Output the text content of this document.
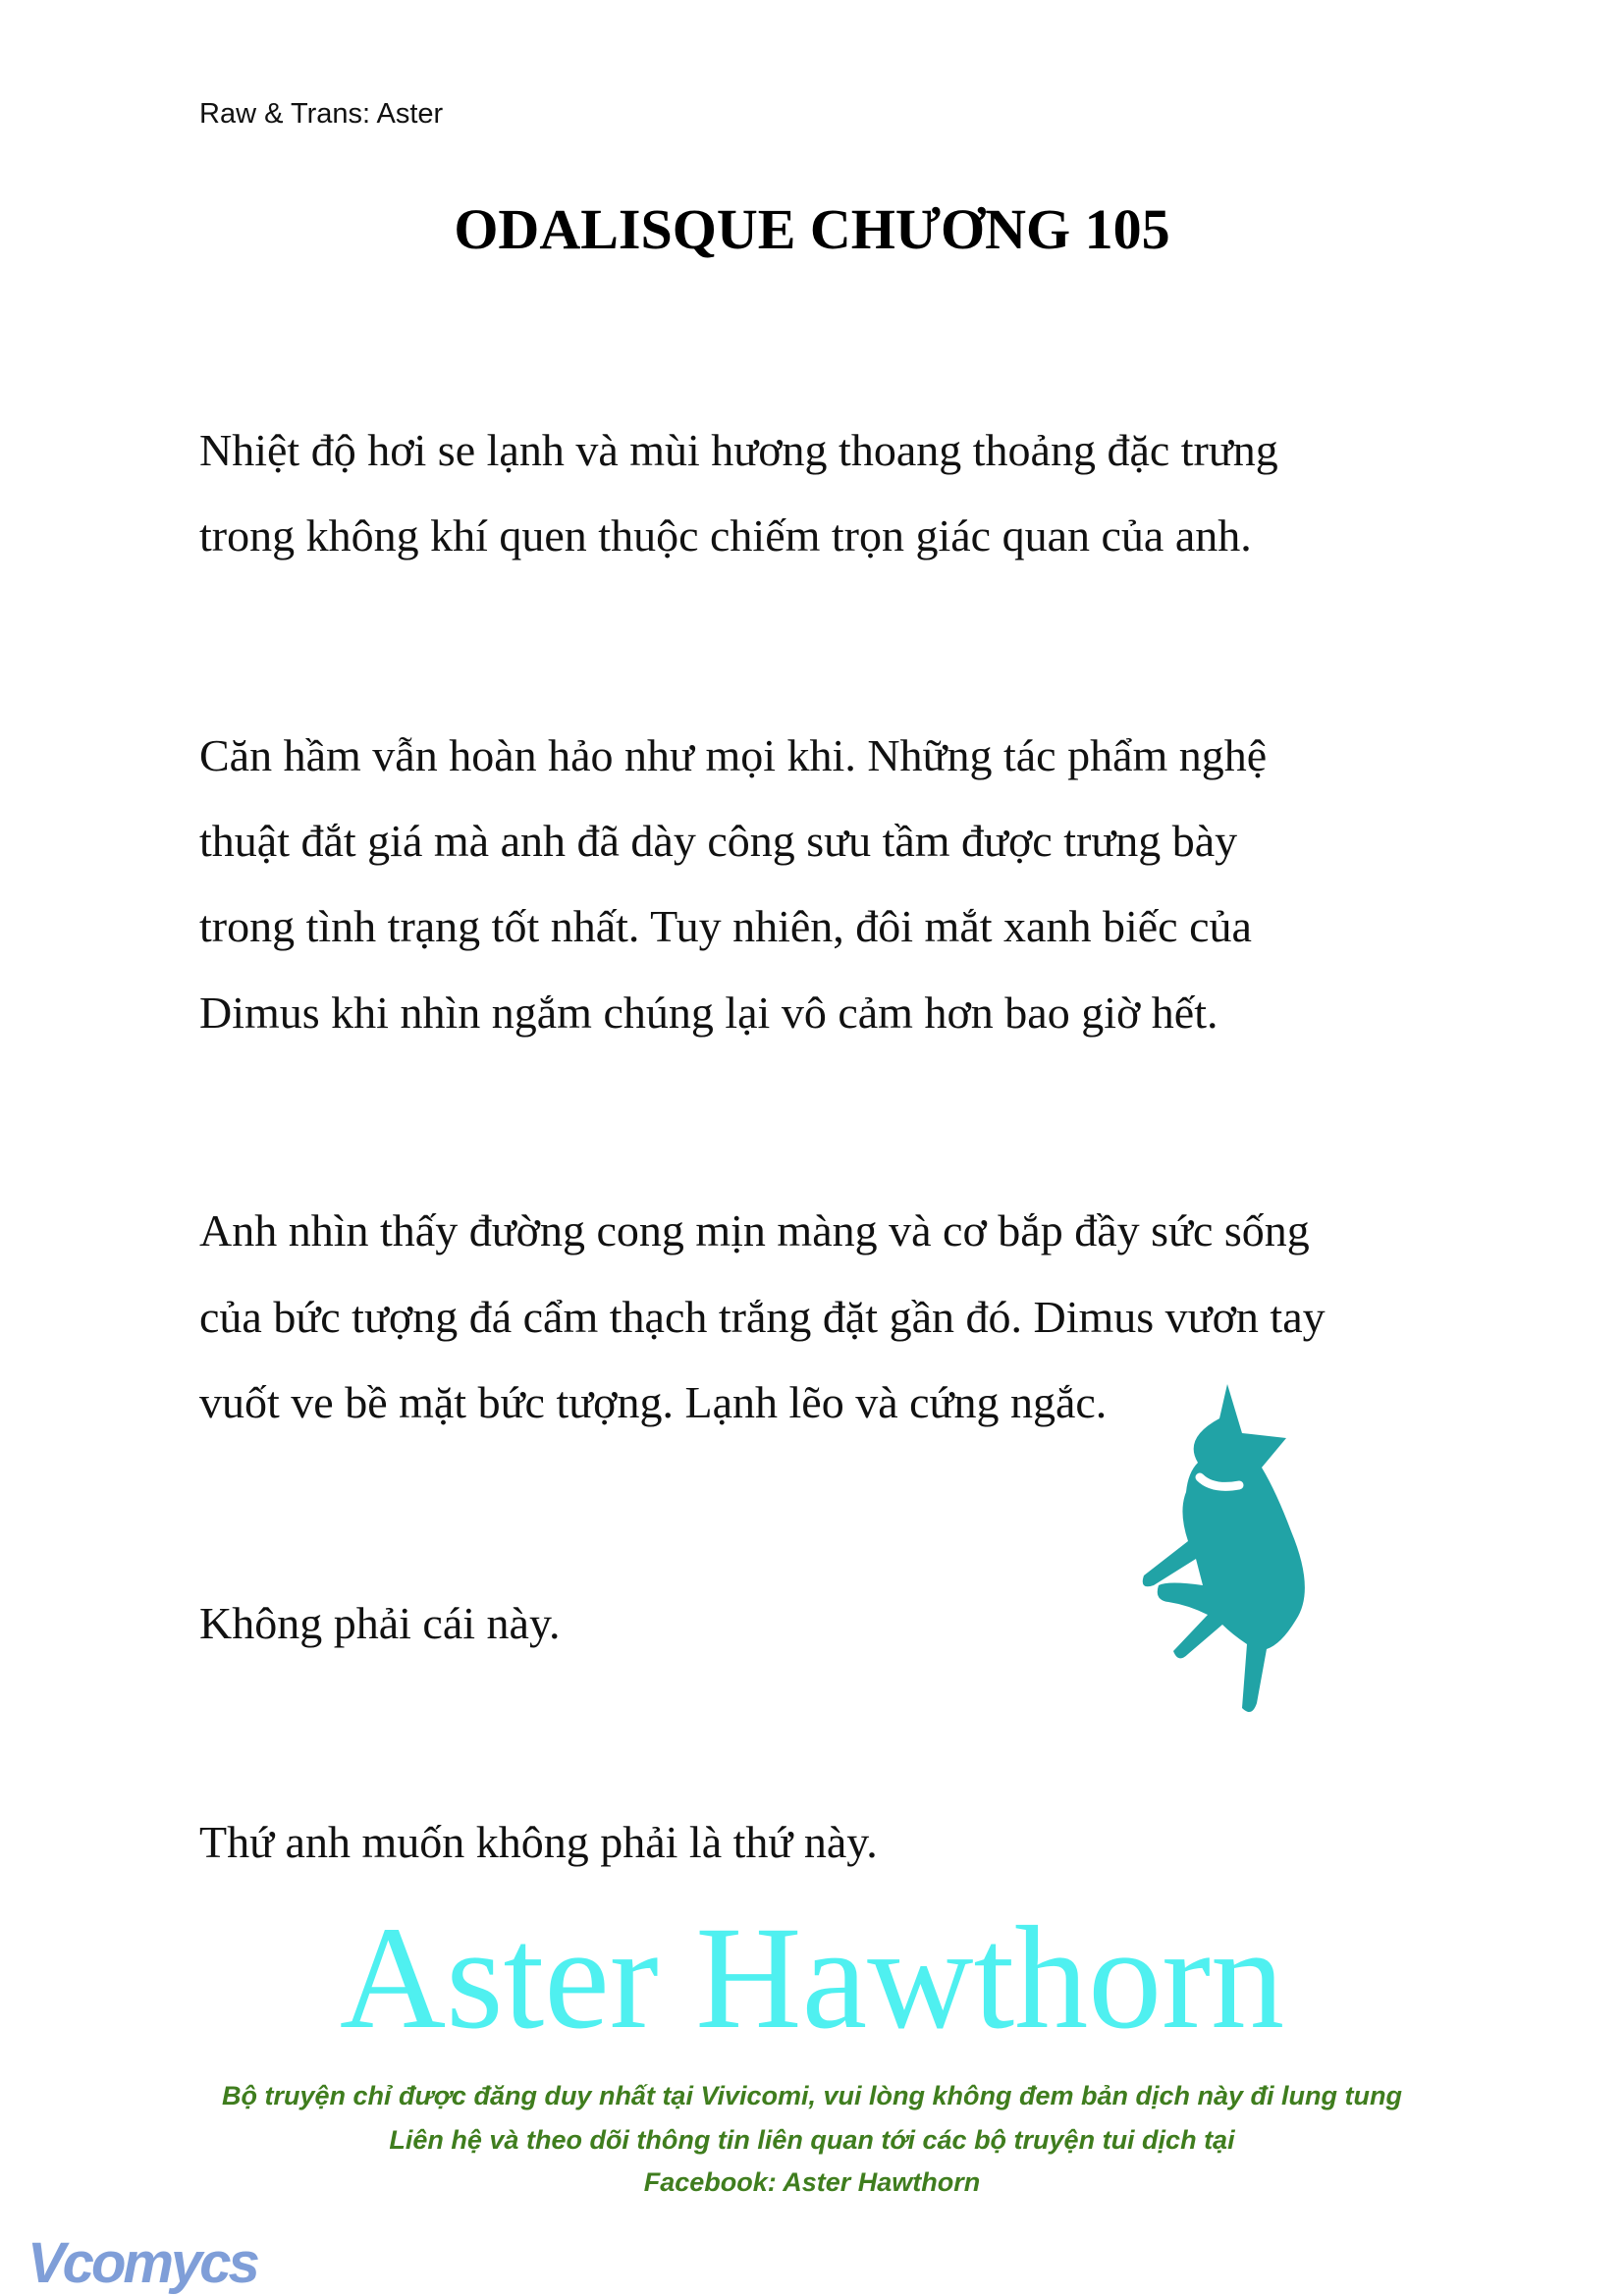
Raw & Trans: Aster
ODALISQUE CHƯƠNG 105
Nhiệt độ hơi se lạnh và mùi hương thoang thoảng đặc trưng
trong không khí quen thuộc chiếm trọn giác quan của anh.
Căn hầm vẫn hoàn hảo như mọi khi. Những tác phẩm nghệ
thuật đắt giá mà anh đã dày công sưu tầm được trưng bày
trong tình trạng tốt nhất. Tuy nhiên, đôi mắt xanh biếc của
Dimus khi nhìn ngắm chúng lại vô cảm hơn bao giờ hết.
Anh nhìn thấy đường cong mịn màng và cơ bắp đầy sức sống
của bức tượng đá cẩm thạch trắng đặt gần đó. Dimus vươn tay
vuốt ve bề mặt bức tượng. Lạnh lẽo và cứng ngắc.
Không phải cái này.
Thứ anh muốn không phải là thứ này.
Aster Hawthorn
Bộ truyện chỉ được đăng duy nhất tại Vivicomi, vui lòng không đem bản dịch này đi lung tung
Liên hệ và theo dõi thông tin liên quan tới các bộ truyện tui dịch tại
Facebook: Aster Hawthorn
Vcomycs
